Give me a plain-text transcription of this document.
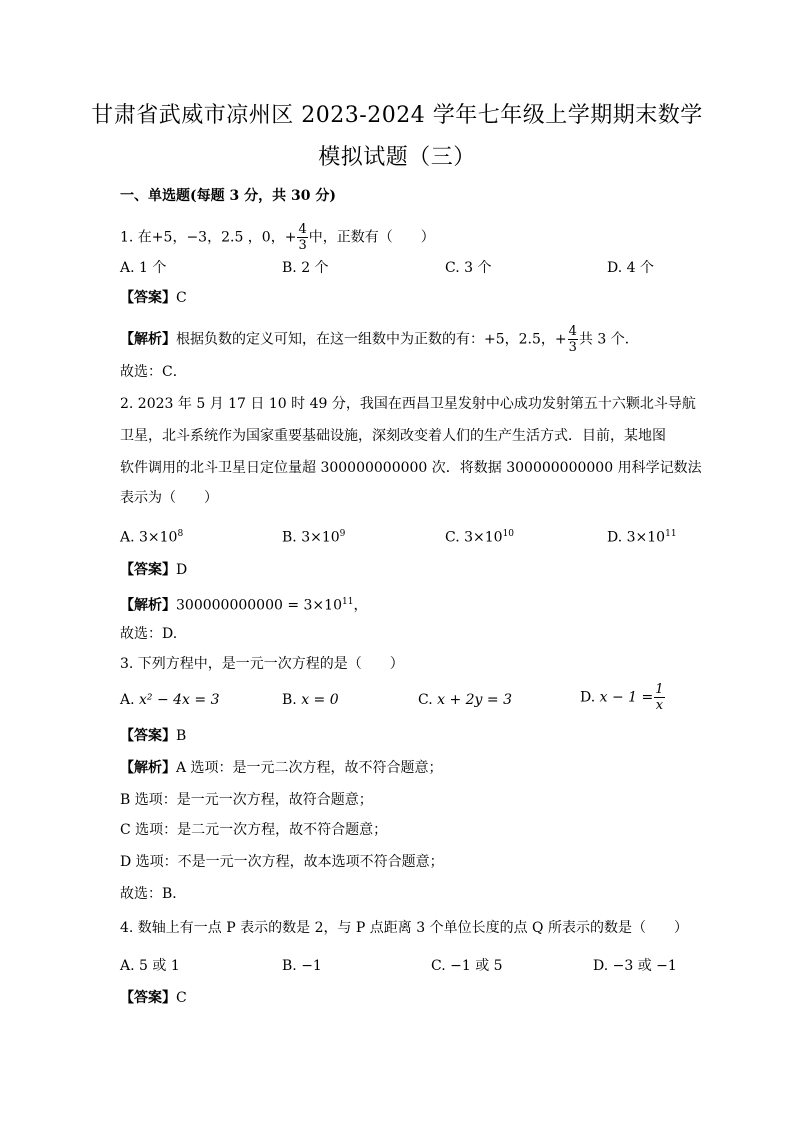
甘肃省武威市凉州区 2023-2024 学年七年级上学期期末数学
模拟试题（三）
一、单选题(每题 3 分，共 30 分)
1. 在+5，−3，2.5 ，0，+ $\frac{4}{3}$ 中，正数有（　　）
A. 1 个	B. 2 个	C. 3 个	D. 4 个
【答案】C
【解析】根据负数的定义可知，在这一组数中为正数的有：+5，2.5，+ $\frac{4}{3}$ 共 3 个．
故选：C．
2. 2023 年 5 月 17 日 10 时 49 分，我国在西昌卫星发射中心成功发射第五十六颗北斗导航
卫星，北斗系统作为国家重要基础设施，深刻改变着人们的生产生活方式．目前，某地图
软件调用的北斗卫星日定位量超 300000000000 次．将数据 300000000000 用科学记数法
表示为（　　）
A. $3\times 10^8$	B. $3\times 10^9$	C. $3\times 10^{10}$	D. $3\times 10^{11}$
【答案】D
【解析】$300000000000 = 3\times 10^{11}$，
故选：D.
3. 下列方程中，是一元一次方程的是（　　）
A. x² − 4x = 3	B. x = 0	C. x + 2y = 3	D. $x - 1 = \frac{1}{x}$
【答案】B
【解析】A 选项：是一元二次方程，故不符合题意；
B 选项：是一元一次方程，故符合题意；
C 选项：是二元一次方程，故不符合题意；
D 选项：不是一元一次方程，故本选项不符合题意；
故选：B．
4. 数轴上有一点 P 表示的数是 2，与 P 点距离 3 个单位长度的点 Q 所表示的数是（　　）
A. 5 或 1	B. −1	C. −1 或 5	D. −3 或 −1
【答案】C
